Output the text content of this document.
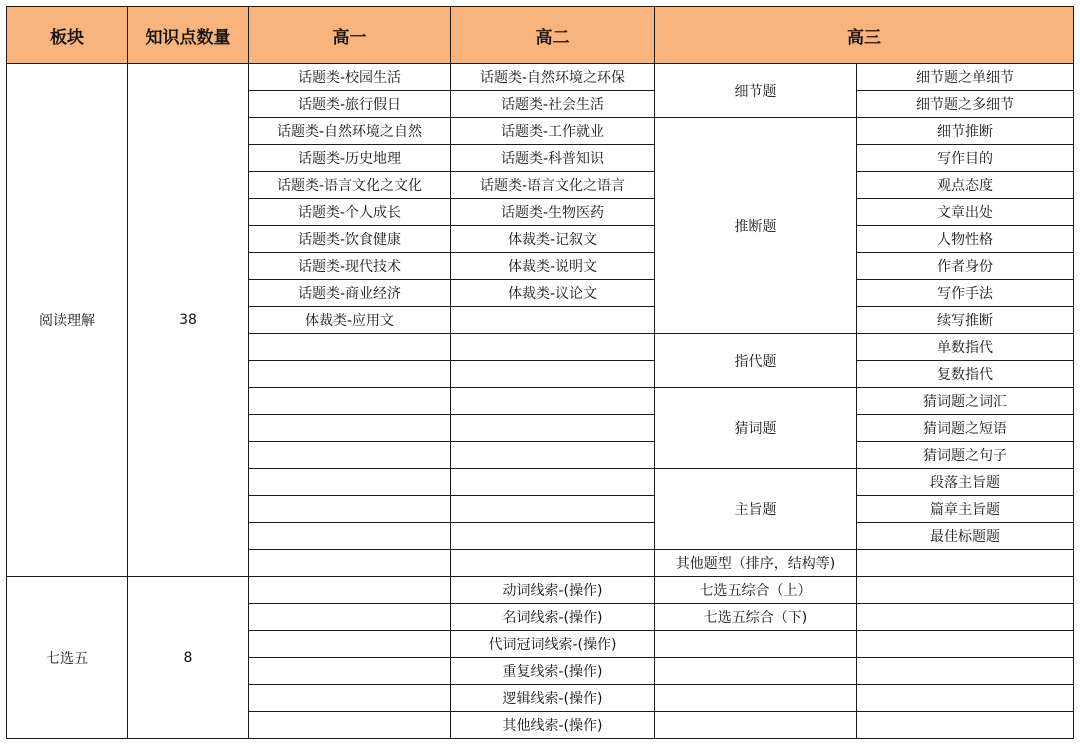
板块	知识点数量	高一	高二	高三	
阅读理解	38	话题类-校园生活	话题类-自然环境之环保	细节题	细节题之单细节
		话题类-旅行假日	话题类-社会生活		细节题之多细节
		话题类-自然环境之自然	话题类-工作就业	推断题	细节推断
		话题类-历史地理	话题类-科普知识		写作目的
		话题类-语言文化之文化	话题类-语言文化之语言		观点态度
		话题类-个人成长	话题类-生物医药		文章出处
		话题类-饮食健康	体裁类-记叙文		人物性格
		话题类-现代技术	体裁类-说明文		作者身份
		话题类-商业经济	体裁类-议论文		写作手法
		体裁类-应用文			续写推断
				指代题	单数指代
					复数指代
				猜词题	猜词题之词汇
					猜词题之短语
					猜词题之句子
				主旨题	段落主旨题
					篇章主旨题
					最佳标题题
				其他题型（排序，结构等)	
七选五	8		动词线索-(操作)	七选五综合（上）	
			名词线索-(操作)	七选五综合（下)	
			代词冠词线索-(操作)		
			重复线索-(操作)		
			逻辑线索-(操作)		
			其他线索-(操作)		
